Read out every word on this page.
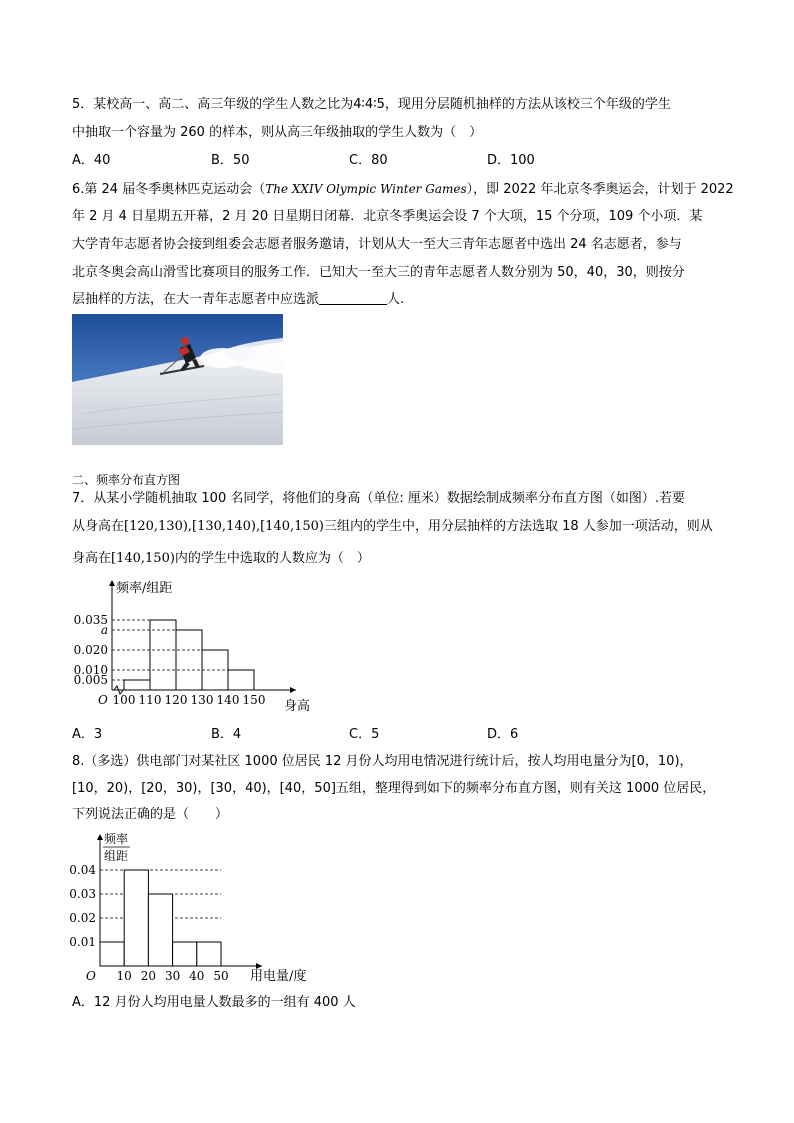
5．某校高一、高二、高三年级的学生人数之比为4∶4∶5，现用分层随机抽样的方法从该校三个年级的学生
中抽取一个容量为 260 的样本，则从高三年级抽取的学生人数为（　）
A．40	B．50	C．80	D．100
6.第 24 届冬季奥林匹克运动会（The XXIV Olympic Winter Games），即 2022 年北京冬季奥运会，计划于 2022
年 2 月 4 日星期五开幕，2 月 20 日星期日闭幕．北京冬季奥运会设 7 个大项，15 个分项，109 个小项．某
大学青年志愿者协会接到组委会志愿者服务邀请，计划从大一至大三青年志愿者中选出 24 名志愿者，参与
北京冬奥会高山滑雪比赛项目的服务工作．已知大一至大三的青年志愿者人数分别为 50，40，30，则按分
层抽样的方法，在大一青年志愿者中应选派	人.
二、频率分布直方图
7．从某小学随机抽取 100 名同学，将他们的身高（单位: 厘米）数据绘制成频率分布直方图（如图）.若要
从身高在[120,130),[130,140),[140,150)三组内的学生中，用分层抽样的方法选取 18 人参加一项活动，则从
身高在[140,150)内的学生中选取的人数应为（　）
频率/组距
身高
O
0.035
a
0.020
0.010
0.005
100 110 120 130 140 150
A．3	B．4	C．5	D．6
8.（多选）供电部门对某社区 1000 位居民 12 月份人均用电情况进行统计后，按人均用电量分为[0，10)，
[10，20)，[20，30)，[30，40)，[40，50]五组，整理得到如下的频率分布直方图，则有关这 1000 位居民，
下列说法正确的是（　　）
频率
组距
用电量/度
O
0.04
0.03
0.02
0.01
10 20 30 40 50
A．12 月份人均用电量人数最多的一组有 400 人
